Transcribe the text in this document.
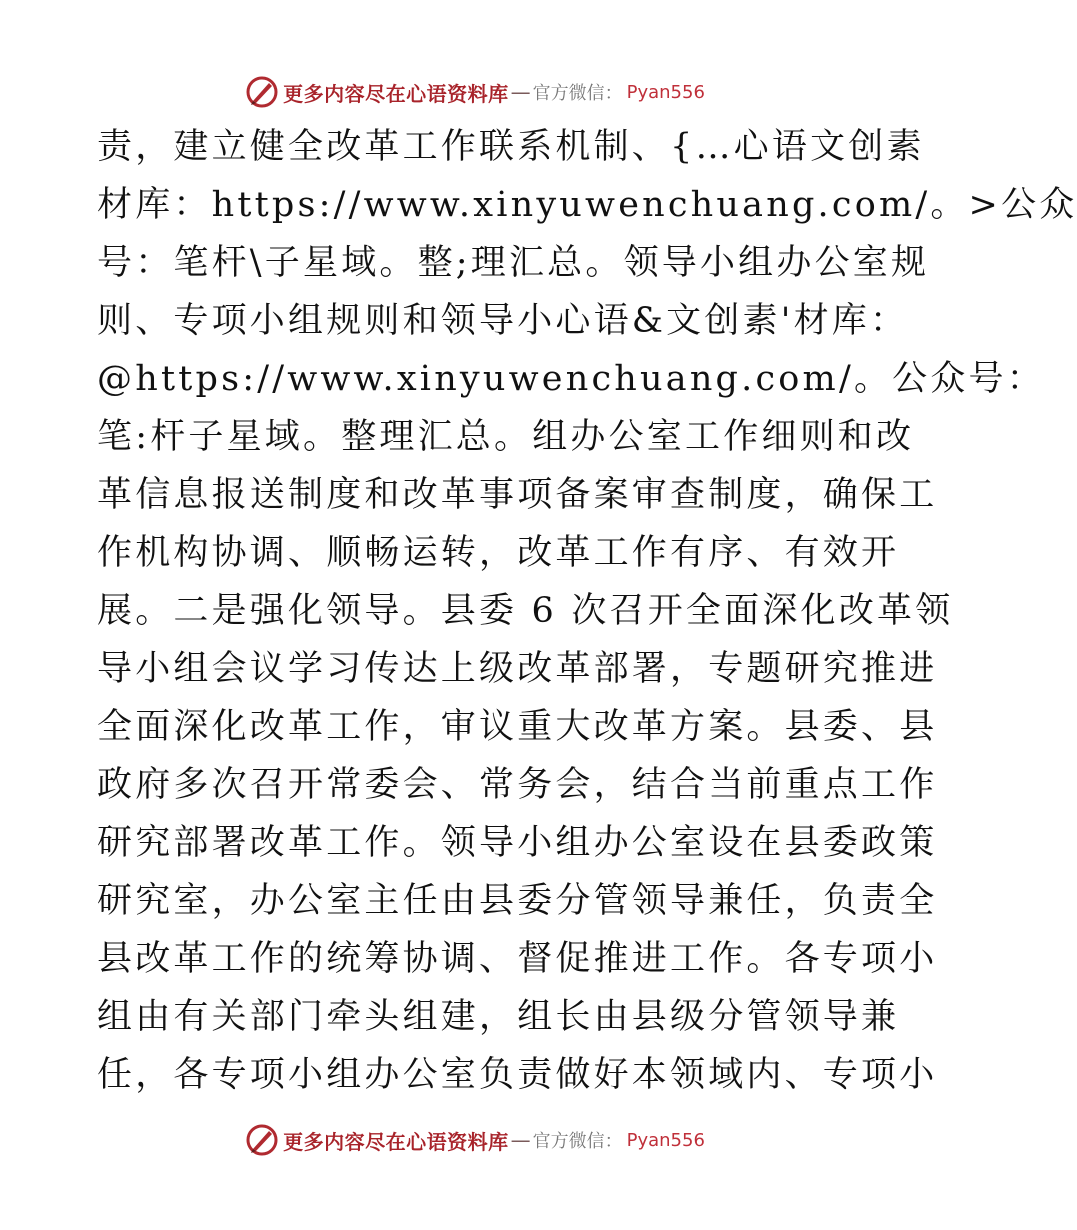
更多内容尽在心语资料库 — 官方微信： Pyan556
责，建立健全改革工作联系机制、{…心语文创素
材库：https://www.xinyuwenchuang.com/。>公众
号：笔杆\子星域。整;理汇总。领导小组办公室规
则、专项小组规则和领导小心语&文创素'材库：
@https://www.xinyuwenchuang.com/。公众号：
笔:杆子星域。整理汇总。组办公室工作细则和改
革信息报送制度和改革事项备案审查制度，确保工
作机构协调、顺畅运转，改革工作有序、有效开
展。二是强化领导。县委 6 次召开全面深化改革领
导小组会议学习传达上级改革部署，专题研究推进
全面深化改革工作，审议重大改革方案。县委、县
政府多次召开常委会、常务会，结合当前重点工作
研究部署改革工作。领导小组办公室设在县委政策
研究室，办公室主任由县委分管领导兼任，负责全
县改革工作的统筹协调、督促推进工作。各专项小
组由有关部门牵头组建，组长由县级分管领导兼
任，各专项小组办公室负责做好本领域内、专项小
更多内容尽在心语资料库 — 官方微信： Pyan556
